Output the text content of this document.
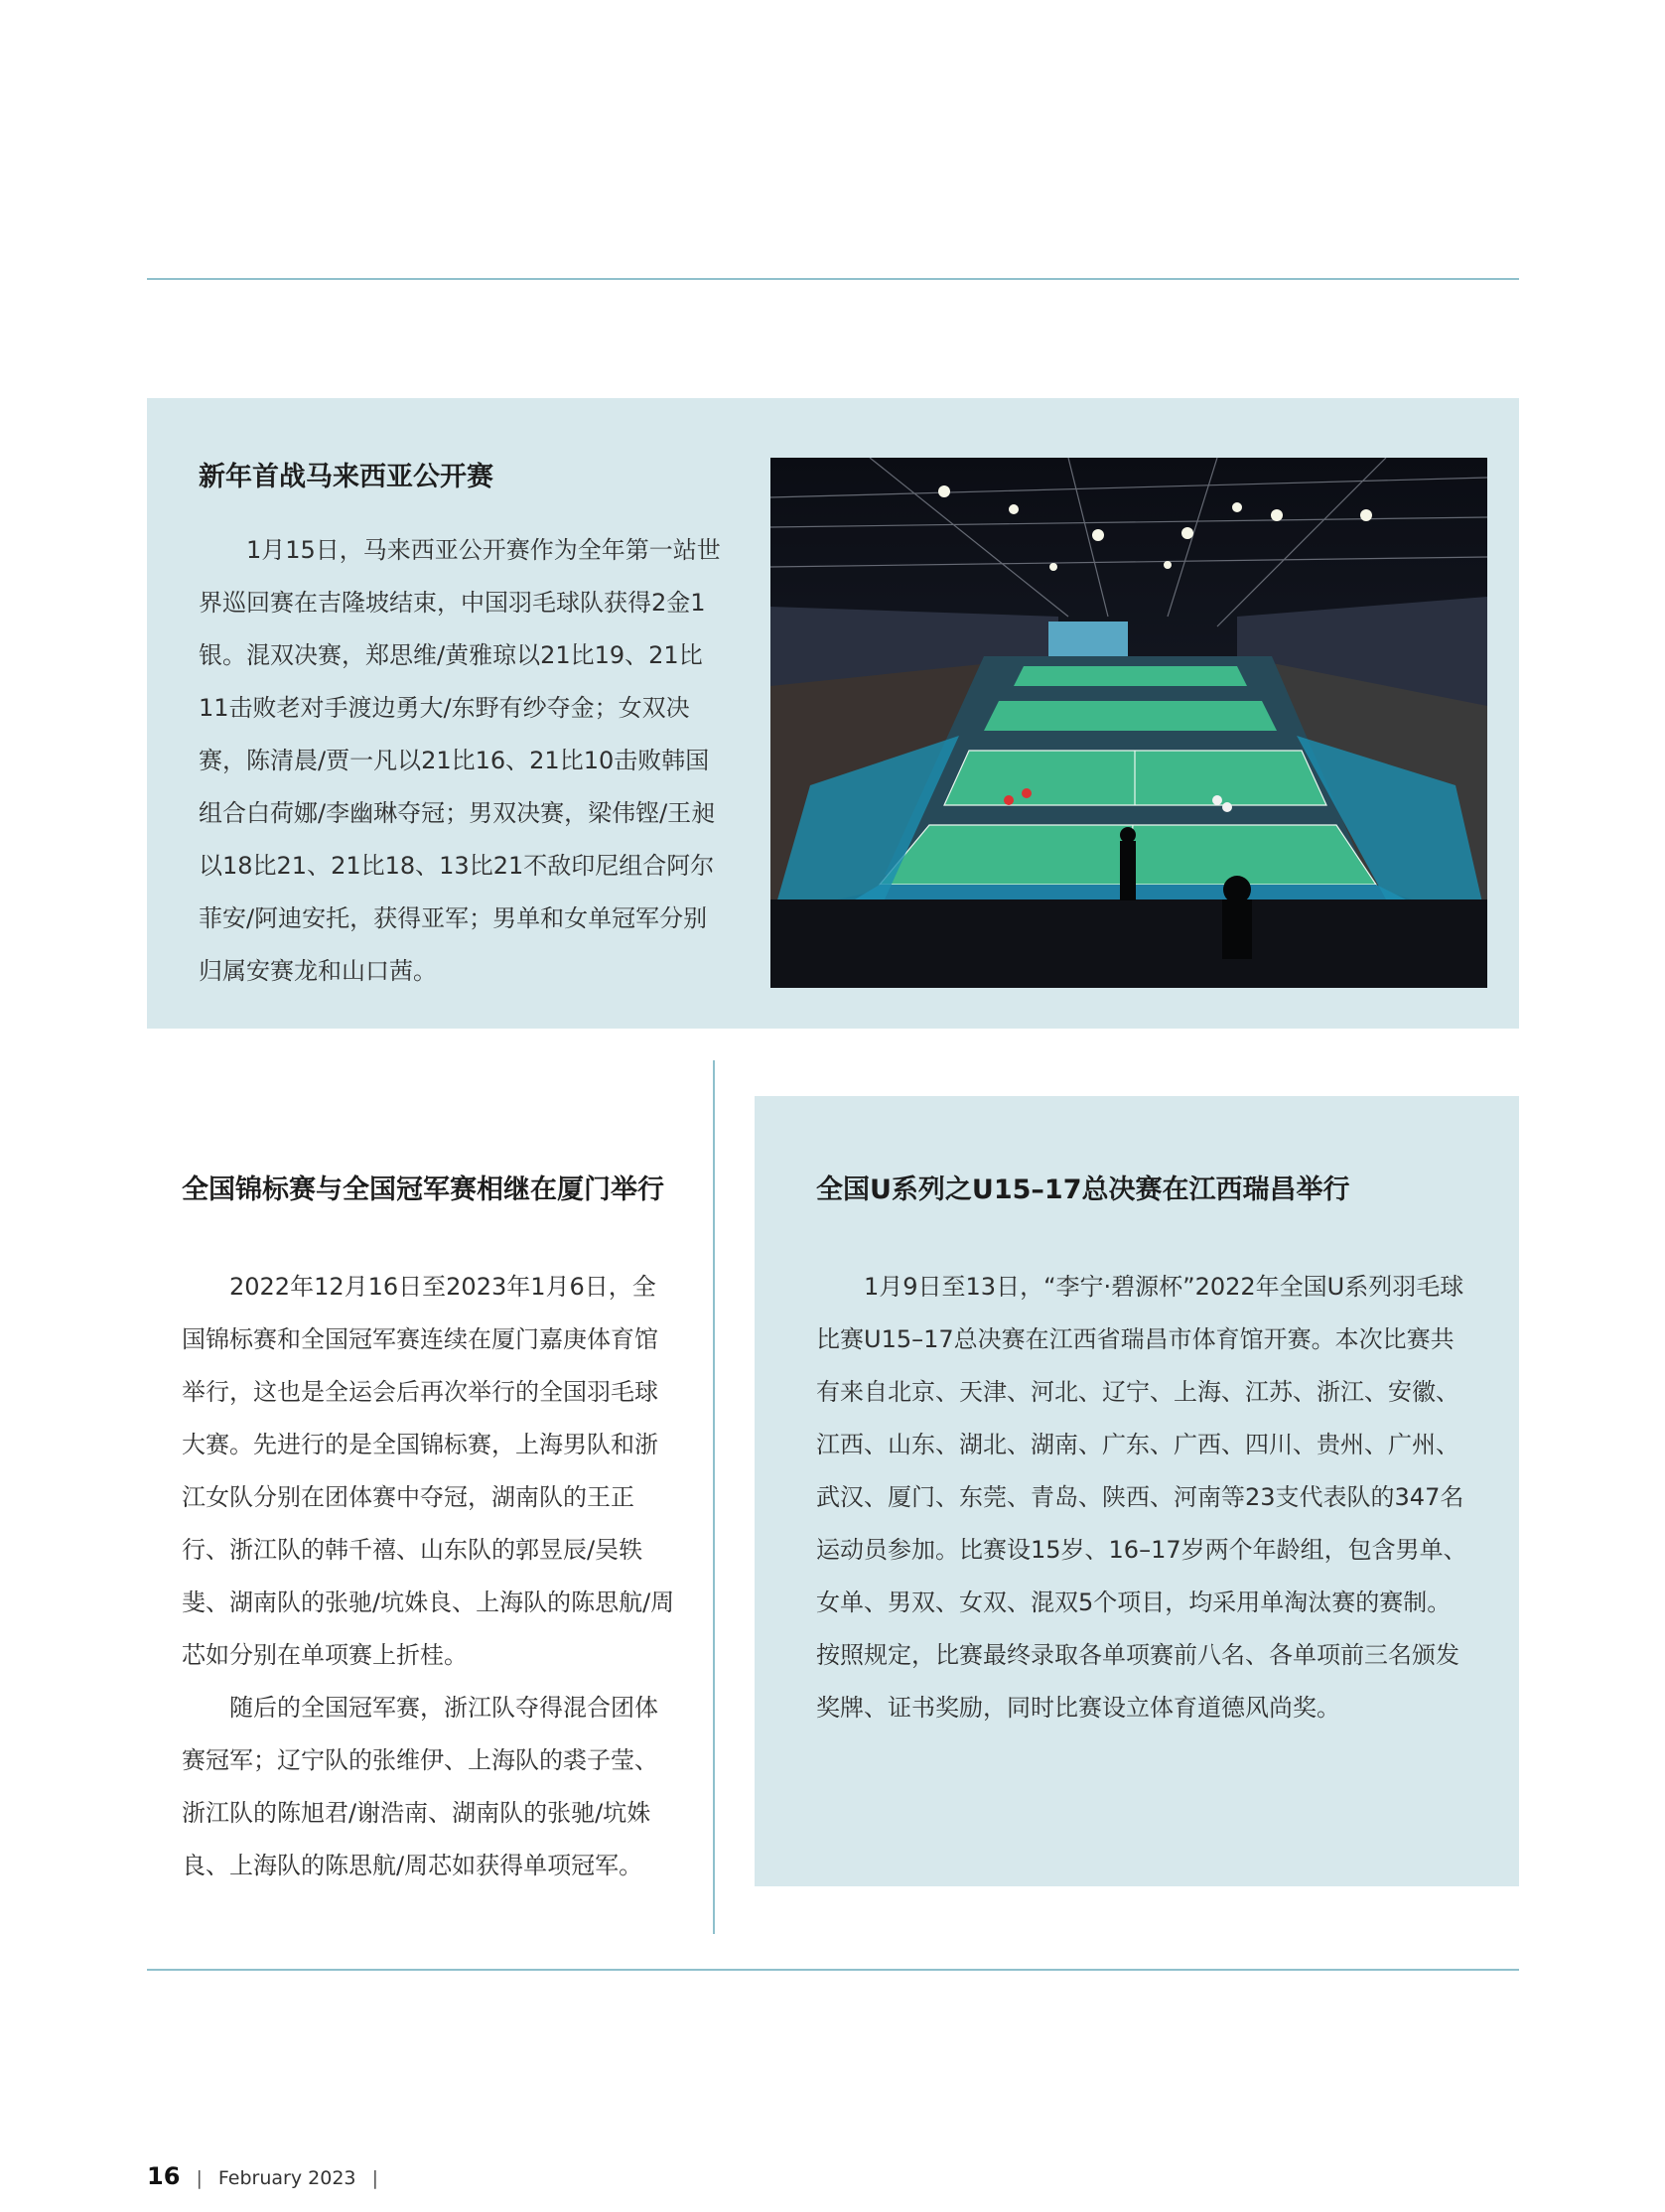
新年首战马来西亚公开赛

1月15日，马来西亚公开赛作为全年第一站世界巡回赛在吉隆坡结束，中国羽毛球队获得2金1银。混双决赛，郑思维/黄雅琼以21比19、21比11击败老对手渡边勇大/东野有纱夺金；女双决赛，陈清晨/贾一凡以21比16、21比10击败韩国组合白荷娜/李幽琳夺冠；男双决赛，梁伟铿/王昶以18比21、21比18、13比21不敌印尼组合阿尔菲安/阿迪安托，获得亚军；男单和女单冠军分别归属安赛龙和山口茜。

全国锦标赛与全国冠军赛相继在厦门举行

2022年12月16日至2023年1月6日，全国锦标赛和全国冠军赛连续在厦门嘉庚体育馆举行，这也是全运会后再次举行的全国羽毛球大赛。先进行的是全国锦标赛，上海男队和浙江女队分别在团体赛中夺冠，湖南队的王正行、浙江队的韩千禧、山东队的郭昱辰/吴轶斐、湖南队的张驰/坑姝良、上海队的陈思航/周芯如分别在单项赛上折桂。

随后的全国冠军赛，浙江队夺得混合团体赛冠军；辽宁队的张维伊、上海队的裘子莹、浙江队的陈旭君/谢浩南、湖南队的张驰/坑姝良、上海队的陈思航/周芯如获得单项冠军。

全国U系列之U15–17总决赛在江西瑞昌举行

1月9日至13日，“李宁·碧源杯”2022年全国U系列羽毛球比赛U15–17总决赛在江西省瑞昌市体育馆开赛。本次比赛共有来自北京、天津、河北、辽宁、上海、江苏、浙江、安徽、江西、山东、湖北、湖南、广东、广西、四川、贵州、广州、武汉、厦门、东莞、青岛、陕西、河南等23支代表队的347名运动员参加。比赛设15岁、16–17岁两个年龄组，包含男单、女单、男双、女双、混双5个项目，均采用单淘汰赛的赛制。按照规定，比赛最终录取各单项赛前八名、各单项前三名颁发奖牌、证书奖励，同时比赛设立体育道德风尚奖。

16 | February 2023 |
